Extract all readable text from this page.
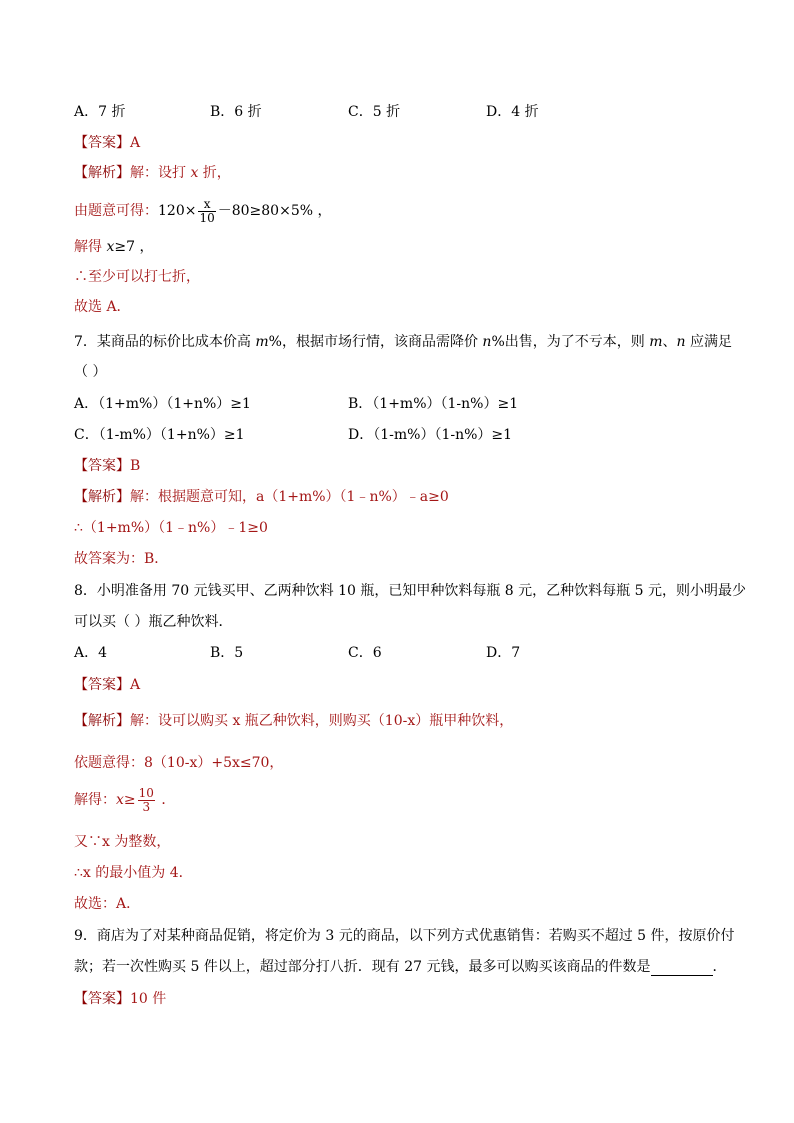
A．7 折	B．6 折	C．5 折	D．4 折
【答案】A
【解析】解：设打 x 折，
由题意可得：$120\times \frac{x}{10} -80\ge 80\times 5\%$ ，
解得 x≥7 ，
∴至少可以打七折，
故选 A．
7．某商品的标价比成本价高 m%，根据市场行情，该商品需降价 n%出售，为了不亏本，则 m、n 应满足
（ ）
A．（1+m%）（1+n%）≥1	B．（1+m%）（1-n%）≥1
C．（1-m%）（1+n%）≥1	D．（1-m%）（1-n%）≥1
【答案】B
【解析】解：根据题意可知，a（1+m%）（1﹣n%）﹣a≥0
∴（1+m%）（1﹣n%）﹣1≥0
故答案为：B．
8．小明准备用 70 元钱买甲、乙两种饮料 10 瓶，已知甲种饮料每瓶 8 元，乙种饮料每瓶 5 元，则小明最少
可以买（ ）瓶乙种饮料．
A．4	B．5	C．6	D．7
【答案】A
【解析】解：设可以购买 x 瓶乙种饮料，则购买（10-x）瓶甲种饮料，
依题意得：8（10-x）+5x≤70，
解得：$x\ge \frac{10}{3}$ ．
又∵x 为整数，
∴x 的最小值为 4．
故选：A．
9．商店为了对某种商品促销，将定价为 3 元的商品，以下列方式优惠销售：若购买不超过 5 件，按原价付
款；若一次性购买 5 件以上，超过部分打八折．现有 27 元钱，最多可以购买该商品的件数是	．
【答案】10 件
